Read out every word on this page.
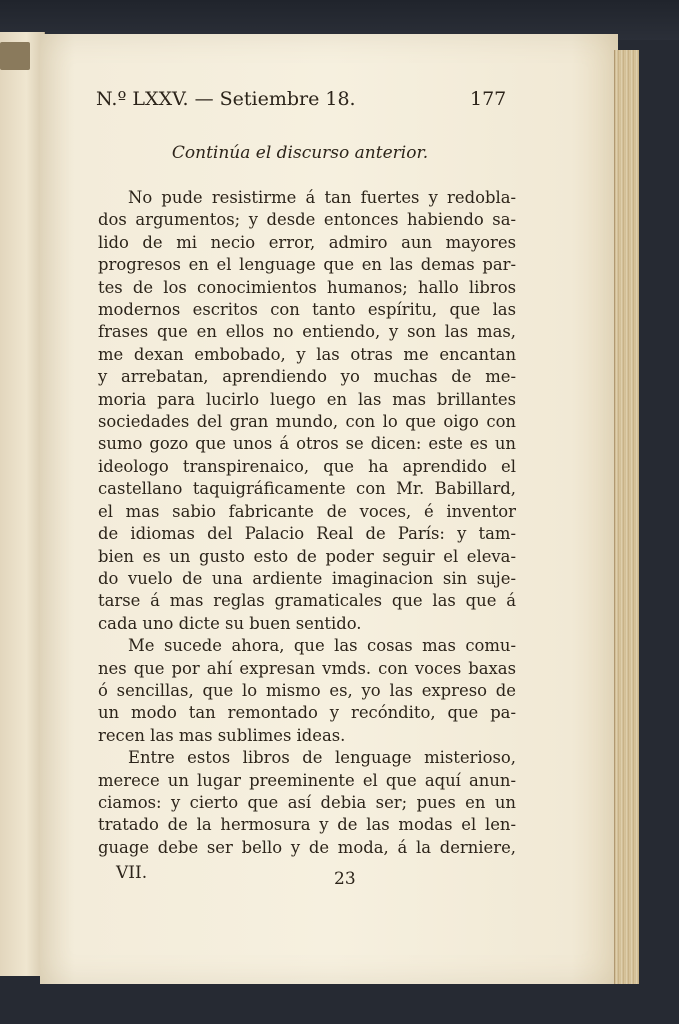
N.º LXXV. — Setiembre 18.	177
Continúa el discurso anterior.
No pude resistirme á tan fuertes y redobla-
dos argumentos; y desde entonces habiendo sa-
lido de mi necio error, admiro aun mayores
progresos en el lenguage que en las demas par-
tes de los conocimientos humanos; hallo libros
modernos escritos con tanto espíritu, que las
frases que en ellos no entiendo, y son las mas,
me dexan embobado, y las otras me encantan
y arrebatan, aprendiendo yo muchas de me-
moria para lucirlo luego en las mas brillantes
sociedades del gran mundo, con lo que oigo con
sumo gozo que unos á otros se dicen: este es un
ideologo transpirenaico, que ha aprendido el
castellano taquigráficamente con Mr. Babillard,
el mas sabio fabricante de voces, é inventor
de idiomas del Palacio Real de París: y tam-
bien es un gusto esto de poder seguir el eleva-
do vuelo de una ardiente imaginacion sin suje-
tarse á mas reglas gramaticales que las que á
cada uno dicte su buen sentido.
Me sucede ahora, que las cosas mas comu-
nes que por ahí expresan vmds. con voces baxas
ó sencillas, que lo mismo es, yo las expreso de
un modo tan remontado y recóndito, que pa-
recen las mas sublimes ideas.
Entre estos libros de lenguage misterioso,
merece un lugar preeminente el que aquí anun-
ciamos: y cierto que así debia ser; pues en un
tratado de la hermosura y de las modas el len-
guage debe ser bello y de moda, á la derniere,
VII.	23
